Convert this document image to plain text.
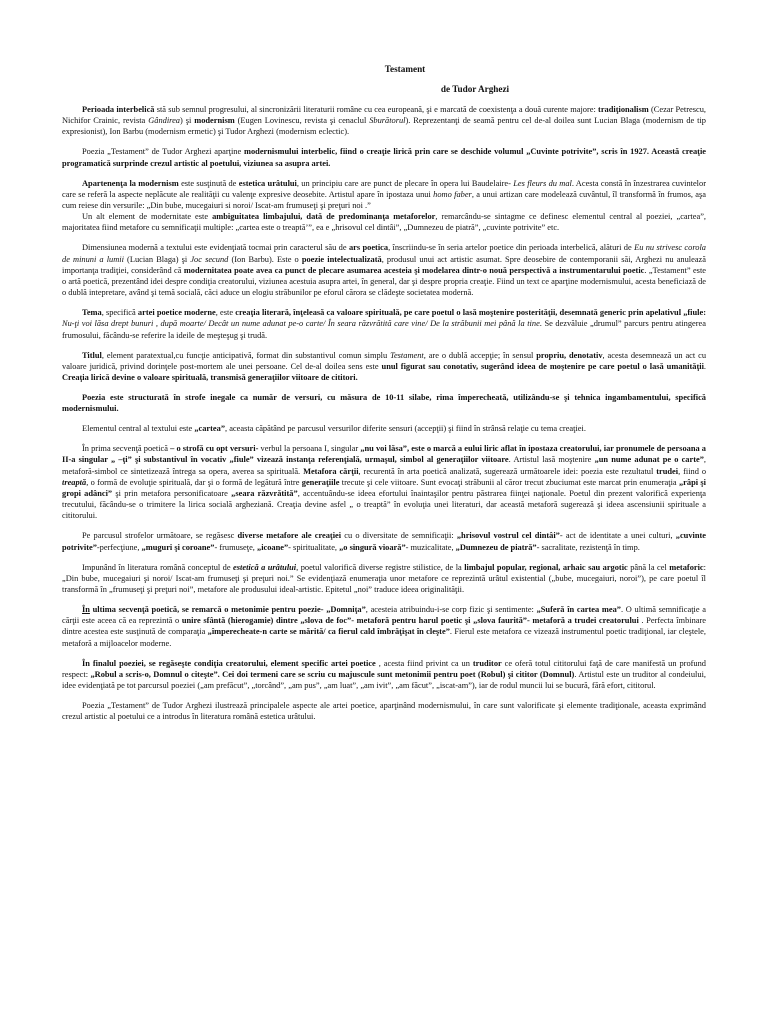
Testament
de Tudor Arghezi

Perioada interbelică stă sub semnul progresului, al sincronizării literaturii române cu cea europeană, şi e marcată de coexistenţa a două curente majore: tradiţionalism (Cezar Petrescu, Nichifor Crainic, revista Gândirea) şi modernism (Eugen Lovinescu, revista şi cenaclul Sburătorul). Reprezentanţi de seamă pentru cel de-al doilea sunt Lucian Blaga (modernism de tip expresionist), Ion Barbu (modernism ermetic) şi Tudor Arghezi (modernism eclectic).

Poezia „Testament” de Tudor Arghezi aparţine modernismului interbelic, fiind o creaţie lirică prin care se deschide volumul „Cuvinte potrivite”, scris în 1927. Această creaţie programatică surprinde crezul artistic al poetului, viziunea sa asupra artei.

Apartenenţa la modernism este susţinută de estetica urâtului, un principiu care are punct de plecare în opera lui Baudelaire- Les fleurs du mal. Acesta constă în înzestrarea cuvintelor care se referă la aspecte neplăcute ale realităţii cu valenţe expresive deosebite. Artistul apare în ipostaza unui homo faber, a unui artizan care modelează cuvântul, îl transformă în frumos, aşa cum reiese din versurile: „Din bube, mucegaiuri si noroi/ Iscat-am frumuseţi şi preţuri noi .”

Un alt element de modernitate este ambiguitatea limbajului, dată de predominanţa metaforelor, remarcându-se sintagme ce definesc elementul central al poeziei, „cartea”, majoritatea fiind metafore cu semnificaţii multiple: „cartea este o treaptă’”, ea e „hrisovul cel dintâi”, „Dumnezeu de piatră”, „cuvinte potrivite” etc.

Dimensiunea modernă a textului este evidenţiată tocmai prin caracterul său de ars poetica, înscriindu-se în seria artelor poetice din perioada interbelică, alături de Eu nu strivesc corola de minuni a lumii (Lucian Blaga) şi Joc secund (Ion Barbu). Este o poezie intelectualizată, produsul unui act artistic asumat. Spre deosebire de contemporanii săi, Arghezi nu anulează importanţa tradiţiei, considerând că modernitatea poate avea ca punct de plecare asumarea acesteia şi modelarea dintr-o nouă perspectivă a instrumentarului poetic. „Testament” este o artă poetică, prezentând idei despre condiţia creatorului, viziunea acestuia asupra artei, în general, dar şi despre propria creaţie. Fiind un text ce aparţine modernismului, acesta beneficiază de o dublă intepretare, având şi temă socială, căci aduce un elogiu străbunilor pe eforul cărora se clădeşte societatea modernă.

Tema, specifică artei poetice moderne, este creaţia literară, înţeleasă ca valoare spirituală, pe care poetul o lasă moştenire posterităţii, desemnată generic prin apelativul „fiule: Nu-ţi voi lăsa drept bunuri , după moarte/ Decât un nume adunat pe-o carte/ În seara răzvrătită care vine/ De la străbunii mei până la tine. Se dezvăluie „drumul” parcurs pentru atingerea frumosului, făcându-se referire la ideile de meşteşug şi trudă.

Titlul, element paratextual,cu funcţie anticipativă, format din substantivul comun simplu Testament, are o dublă accepţie; în sensul propriu, denotativ, acesta desemnează un act cu valoare juridică, privind dorinţele post-mortem ale unei persoane. Cel de-al doilea sens este unul figurat sau conotativ, sugerând ideea de moştenire pe care poetul o lasă umanităţii. Creaţia lirică devine o valoare spirituală, transmisă generaţiilor viitoare de cititori.

Poezia este structurată în strofe inegale ca număr de versuri, cu măsura de 10-11 silabe, rima împerecheată, utilizându-se şi tehnica ingambamentului, specifică modernismului.

Elementul central al textului este „cartea”, aceasta căpătând pe parcusul versurilor diferite sensuri (accepţii) şi fiind în strânsă relaţie cu tema creaţiei.

În prima secvenţă poetică – o strofă cu opt versuri- verbul la persoana I, singular „nu voi lăsa”, este o marcă a eului liric aflat în ipostaza creatorului, iar pronumele de persoana a II-a singular „ –ţi” şi substantivul în vocativ „fiule” vizează instanţa referenţială, urmaşul, simbol al generaţiilor viitoare. Artistul lasă moştenire „un nume adunat pe o carte”, metaforă-simbol ce sintetizează întrega sa opera, averea sa spirituală. Metafora cărţii, recurentă în arta poetică analizată, sugerează următoarele idei: poezia este rezultatul trudei, fiind o treaptă, o formă de evoluţie spirituală, dar şi o formă de legătură între generaţiile trecute şi cele viitoare. Sunt evocaţi străbunii al căror trecut zbuciumat este marcat prin enumeraţia „râpi şi gropi adânci” şi prin metafora personificatoare „seara răzvrătită”, accentuându-se ideea efortului înaintaşilor pentru păstrarea fiinţei naţionale. Poetul din prezent valorifică experienţa trecutului, făcându-se o trimitere la lirica socială argheziană. Creaţia devine asfel „ o treaptă” în evoluţia unei literaturi, dar această metaforă sugerează şi ideea ascensiunii spirituale a cititorului.

Pe parcusul strofelor următoare, se regăsesc diverse metafore ale creaţiei cu o diversitate de semnificaţii: „hrisovul vostrul cel dintâi”- act de identitate a unei culturi, „cuvinte potrivite”-perfecţiune, „muguri şi coroane”- frumuseţe, „icoane”- spiritualitate, „o singură vioară”- muzicalitate, „Dumnezeu de piatră”- sacralitate, rezistenţă în timp.

Impunând în literatura română conceptul de estetică a urâtului, poetul valorifică diverse registre stilistice, de la limbajul popular, regional, arhaic sau argotic până la cel metaforic: „Din bube, mucegaiuri şi noroi/ Iscat-am frumuseţi şi preţuri noi.” Se evidenţiază enumeraţia unor metafore ce reprezintă urâtul existential („bube, mucegaiuri, noroi”), pe care poetul îl transformă în „frumuseţi şi preţuri noi”, metafore ale produsului ideal-artistic. Epitetul „noi” traduce ideea originalităţii.

În ultima secvenţă poetică, se remarcă o metonimie pentru poezie- „Domniţa”, acesteia atribuindu-i-se corp fizic şi sentimente: „Suferă în cartea mea”. O ultimă semnificaţie a cărţii este aceea că ea reprezintă o unire sfântă (hierogamie) dintre „slova de foc”- metaforă pentru harul poetic şi „slova faurită”- metaforă a trudei creatorului . Perfecta îmbinare dintre acestea este susţinută de comparaţia „împerecheate-n carte se mărită/ ca fierul cald îmbrăţişat în cleşte”. Fierul este metafora ce vizează instrumentul poetic tradiţional, iar cleştele, metaforă a mijloacelor moderne.

În finalul poeziei, se regăseşte condiţia creatorului, element specific artei poetice , acesta fiind privint ca un truditor ce oferă totul cititorului faţă de care manifestă un profund respect: „Robul a scris-o, Domnul o citeşte”. Cei doi termeni care se scriu cu majuscule sunt metonimii pentru poet (Robul) şi cititor (Domnul). Artistul este un truditor al condeiului, idee evidenţiată pe tot parcursul poeziei („am prefăcut”, „torcând”, „am pus”, „am luat”, „am ivit”, „am făcut”, „iscat-am”), iar de rodul muncii lui se bucură, fără efort, cititorul.

Poezia „Testament” de Tudor Arghezi ilustrează principalele aspecte ale artei poetice, aparţinând modernismului, în care sunt valorificate şi elemente tradiţionale, aceasta exprimând crezul artistic al poetului ce a introdus în literatura română estetica urâtului.
